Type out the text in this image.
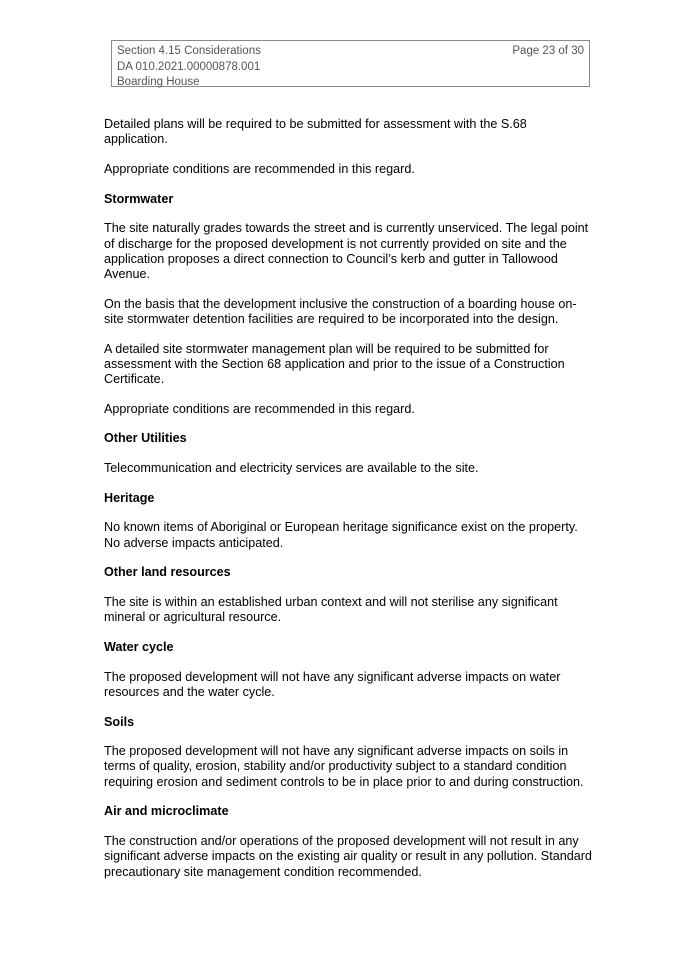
Section 4.15 Considerations
DA 010.2021.00000878.001
Boarding House
Page 23 of 30

Detailed plans will be required to be submitted for assessment with the S.68 application.

Appropriate conditions are recommended in this regard.

Stormwater

The site naturally grades towards the street and is currently unserviced. The legal point of discharge for the proposed development is not currently provided on site and the application proposes a direct connection to Council’s kerb and gutter in Tallowood Avenue.

On the basis that the development inclusive the construction of a boarding house on-site stormwater detention facilities are required to be incorporated into the design.

A detailed site stormwater management plan will be required to be submitted for assessment with the Section 68 application and prior to the issue of a Construction Certificate.

Appropriate conditions are recommended in this regard.

Other Utilities

Telecommunication and electricity services are available to the site.

Heritage

No known items of Aboriginal or European heritage significance exist on the property. No adverse impacts anticipated.

Other land resources

The site is within an established urban context and will not sterilise any significant mineral or agricultural resource.

Water cycle

The proposed development will not have any significant adverse impacts on water resources and the water cycle.

Soils

The proposed development will not have any significant adverse impacts on soils in terms of quality, erosion, stability and/or productivity subject to a standard condition requiring erosion and sediment controls to be in place prior to and during construction.

Air and microclimate

The construction and/or operations of the proposed development will not result in any significant adverse impacts on the existing air quality or result in any pollution. Standard precautionary site management condition recommended.
